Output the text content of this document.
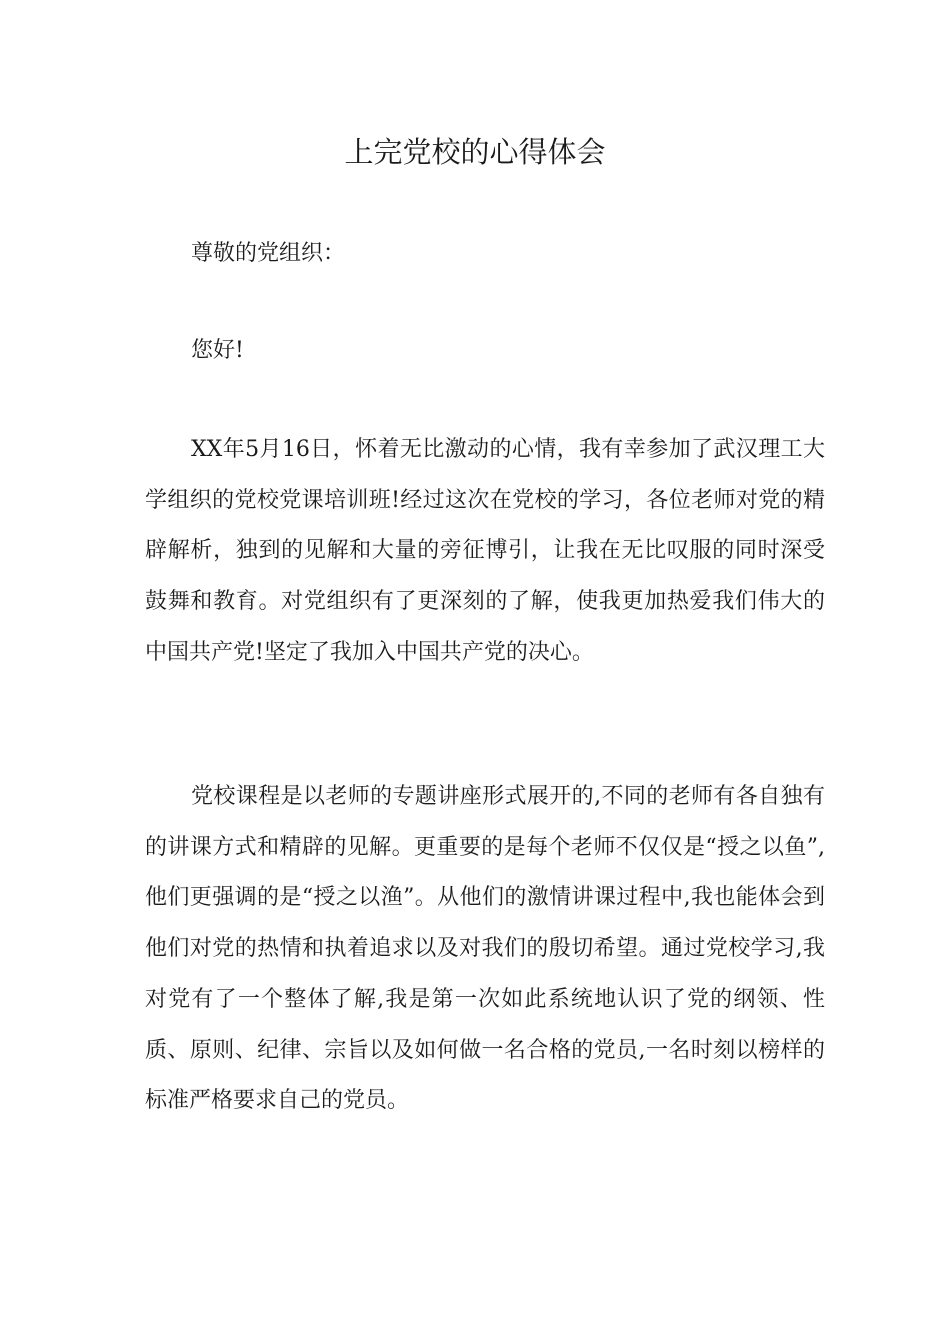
上完党校的心得体会

尊敬的党组织：

您好!

XX年5月16日，怀着无比激动的心情，我有幸参加了武汉理工大学组织的党校党课培训班!经过这次在党校的学习，各位老师对党的精辟解析，独到的见解和大量的旁征博引，让我在无比叹服的同时深受鼓舞和教育。对党组织有了更深刻的了解，使我更加热爱我们伟大的中国共产党!坚定了我加入中国共产党的决心。

党校课程是以老师的专题讲座形式展开的,不同的老师有各自独有的讲课方式和精辟的见解。更重要的是每个老师不仅仅是“授之以鱼”,他们更强调的是“授之以渔”。从他们的激情讲课过程中,我也能体会到他们对党的热情和执着追求以及对我们的殷切希望。通过党校学习,我对党有了一个整体了解,我是第一次如此系统地认识了党的纲领、性质、原则、纪律、宗旨以及如何做一名合格的党员,一名时刻以榜样的标准严格要求自己的党员。
